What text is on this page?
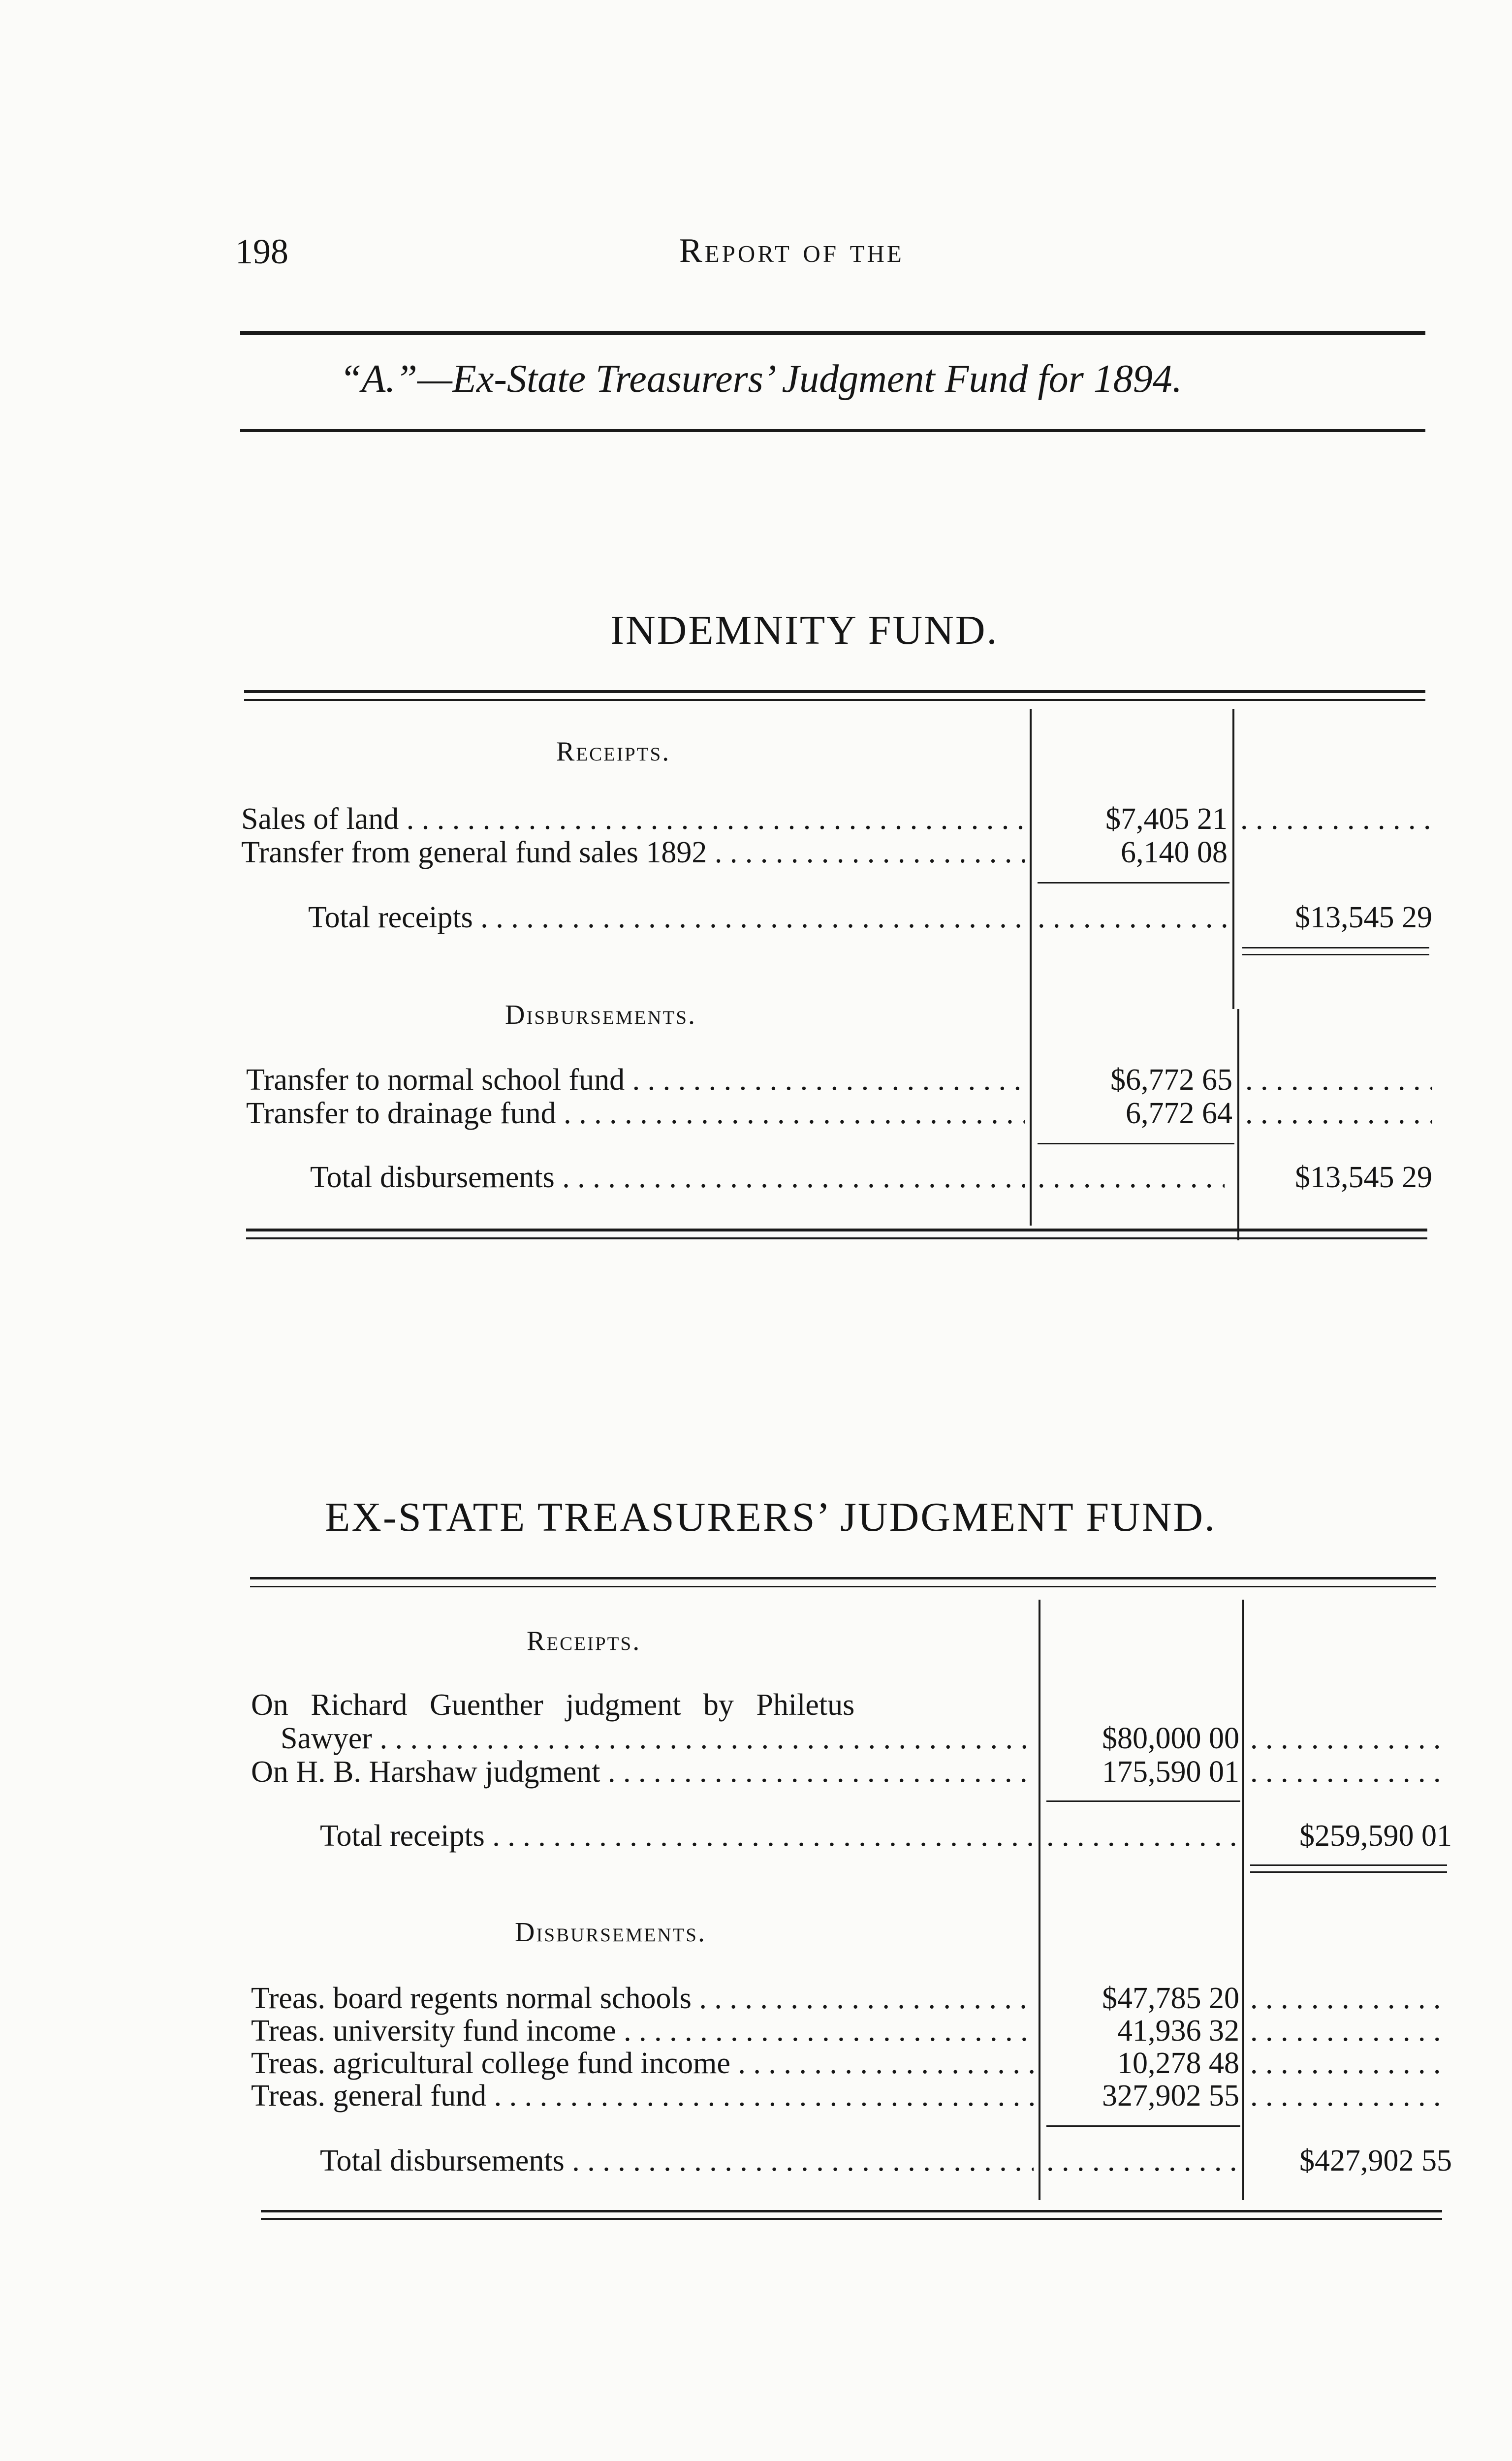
198	Report of the
“A.”—Ex-State Treasurers’ Judgment Fund for 1894.
INDEMNITY FUND.
Receipts.
Sales of land . . .	$7,405 21
. . .
Transfer from general fund sales 1892 . . .	6,140 08
Total receipts . . . . . .	$13,545 29
Disbursements.
Transfer to normal school fund . . .	$6,772 65
. . .
Transfer to drainage fund . . .	6,772 64
. . .
Total disbursements . . . . . .	$13,545 29
EX-STATE TREASURERS’ JUDGMENT FUND.
Receipts.
On Richard Guenther judgment by Philetus
Sawyer . . .	$80,000 00
. . .
On H. B. Harshaw judgment . . .	175,590 01
. . .
Total receipts . . . . . .	$259,590 01
Disbursements.
Treas. board regents normal schools . . .	$47,785 20
. . .
Treas. university fund income . . .	41,936 32
. . .
Treas. agricultural college fund income . . .	10,278 48
. . .
Treas. general fund . . .	327,902 55
. . .
Total disbursements . . . . . .	$427,902 55
